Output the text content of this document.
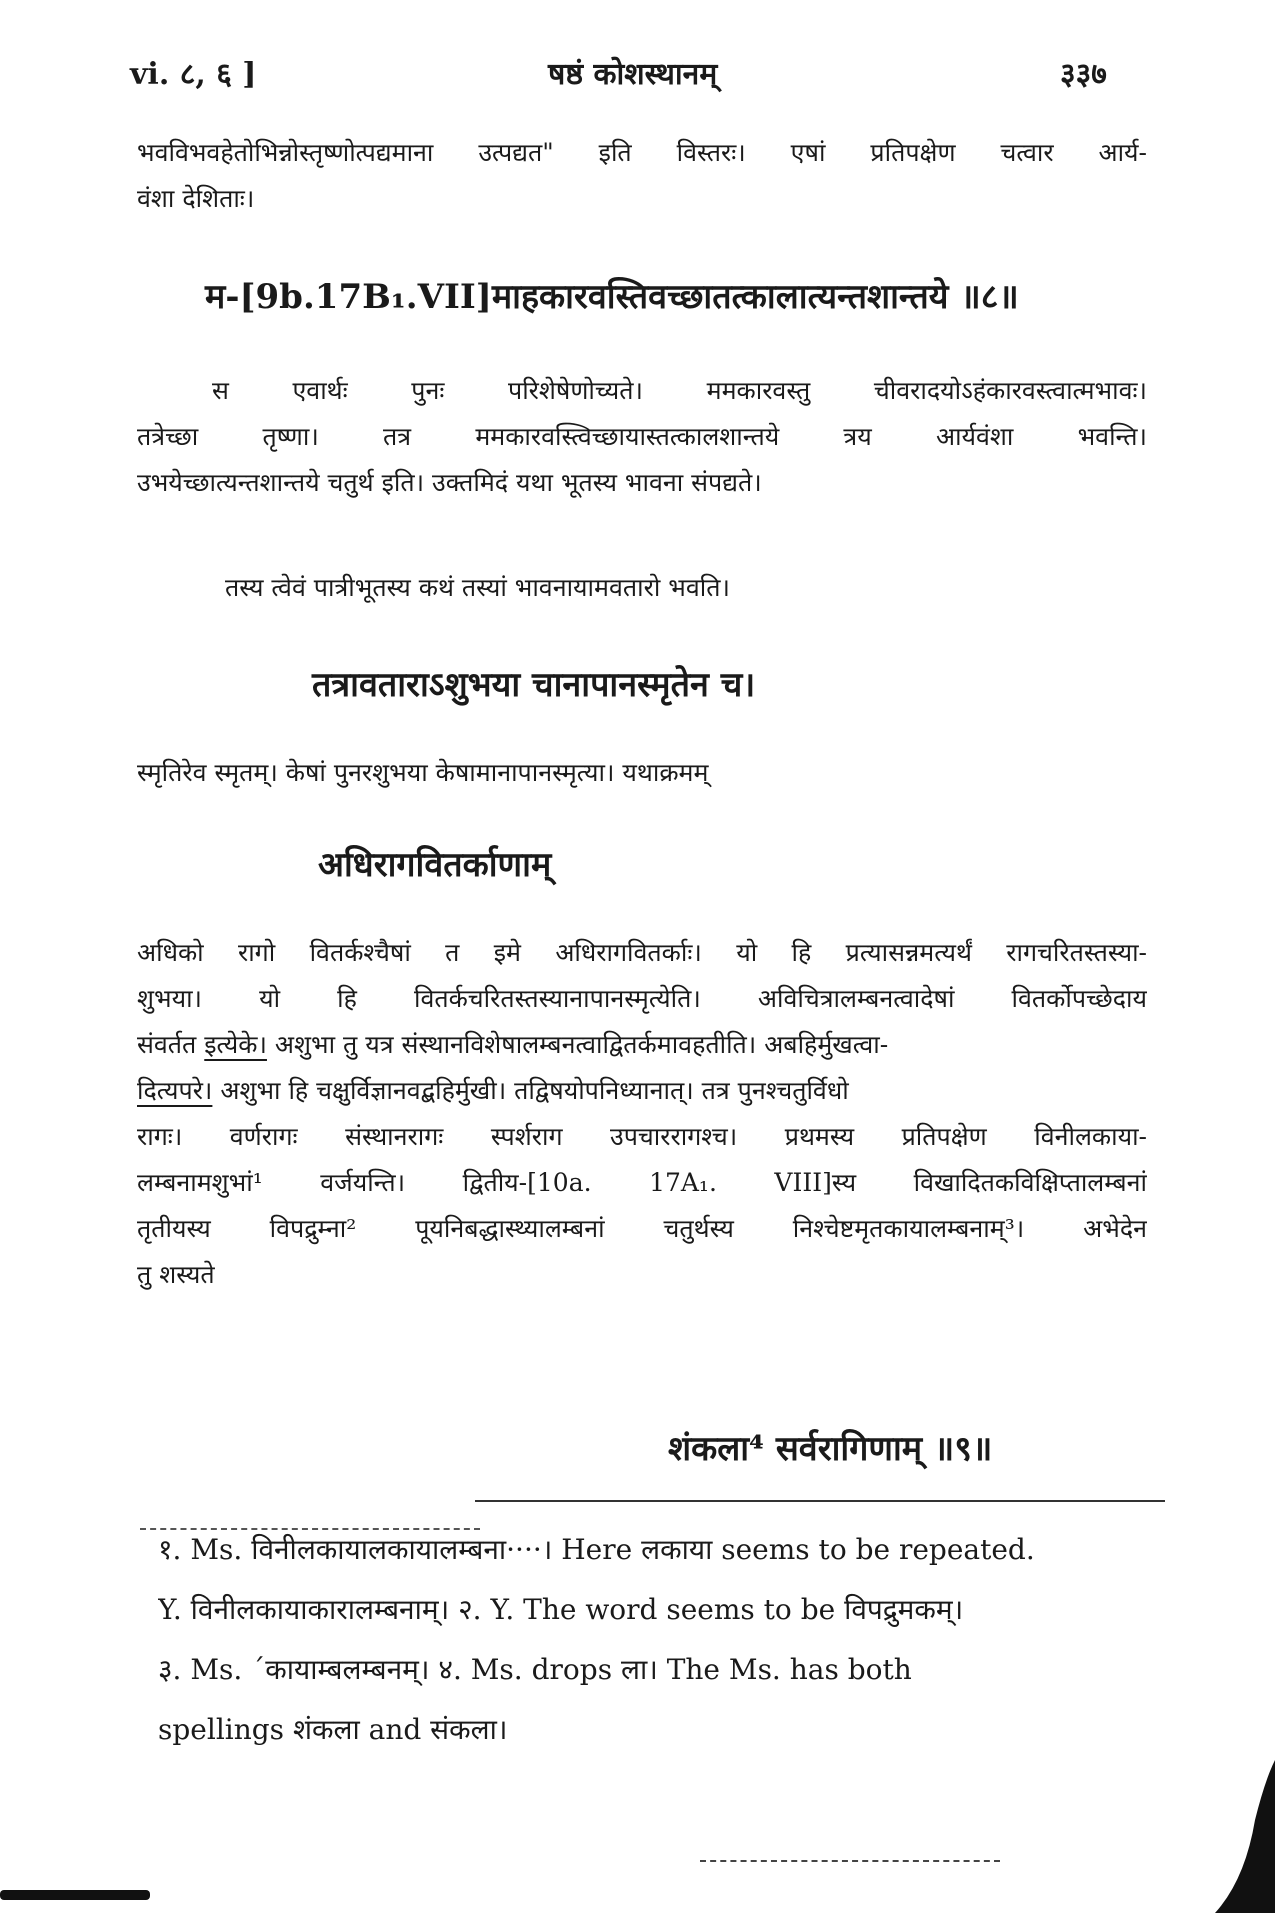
vi. ८, ६ ]	षष्ठं कोशस्थानम्	३३७

भवविभवहेतोभिन्नोस्तृष्णोत्पद्यमाना उत्पद्यत" इति विस्तरः। एषां प्रतिपक्षेण चत्वार आर्य-
वंशा देशिताः।

म-[9b.17B₁.VII]माहकारवस्तिवच्छातत्कालात्यन्तशान्तये ॥८॥

स एवार्थः पुनः परिशेषेणोच्यते। ममकारवस्तु चीवरादयोऽहंकारवस्त्वात्मभावः।
तत्रेच्छा तृष्णा। तत्र ममकारवस्त्विच्छायास्तत्कालशान्तये त्रय आर्यवंशा भवन्ति।
उभयेच्छात्यन्तशान्तये चतुर्थ इति। उक्तमिदं यथा भूतस्य भावना संपद्यते।

तस्य त्वेवं पात्रीभूतस्य कथं तस्यां भावनायामवतारो भवति।

तत्रावताराऽशुभया चानापानस्मृतेन च।

स्मृतिरेव स्मृतम्। केषां पुनरशुभया केषामानापानस्मृत्या। यथाक्रमम्

अधिरागवितर्काणाम्

अधिको रागो वितर्कश्चैषां त इमे अधिरागवितर्काः। यो हि प्रत्यासन्नमत्यर्थं रागचरितस्तस्या-
शुभया। यो हि वितर्कचरितस्तस्यानापानस्मृत्येति। अविचित्रालम्बनत्वादेषां वितर्कोपच्छेदाय
संवर्तत इत्येके। अशुभा तु यत्र संस्थानविशेषालम्बनत्वाद्वितर्कमावहतीति। अबहिर्मुखत्वा-
दित्यपरे। अशुभा हि चक्षुर्विज्ञानवद्बहिर्मुखी। तद्विषयोपनिध्यानात्। तत्र पुनश्चतुर्विधो
रागः। वर्णरागः संस्थानरागः स्पर्शराग उपचाररागश्च। प्रथमस्य प्रतिपक्षेण विनीलकाया-
लम्बनामशुभां¹ वर्जयन्ति। द्वितीय-[10a. 17A₁. VIII]स्य विखादितकविक्षिप्तालम्बनां
तृतीयस्य विपद्रुम्ना² पूयनिबद्धास्थ्यालम्बनां चतुर्थस्य निश्चेष्टमृतकायालम्बनाम्³। अभेदेन
तु शस्यते

शंकला⁴ सर्वरागिणाम् ॥९॥

१. Ms. विनीलकायालकायालम्बना····। Here लकाया seems to be repeated.
Y. विनीलकायाकारालम्बनाम्। २. Y. The word seems to be विपद्रुमकम्।
३. Ms. ˊकायाम्बलम्बनम्। ४. Ms. drops ला। The Ms. has both
spellings शंकला and संकला।
